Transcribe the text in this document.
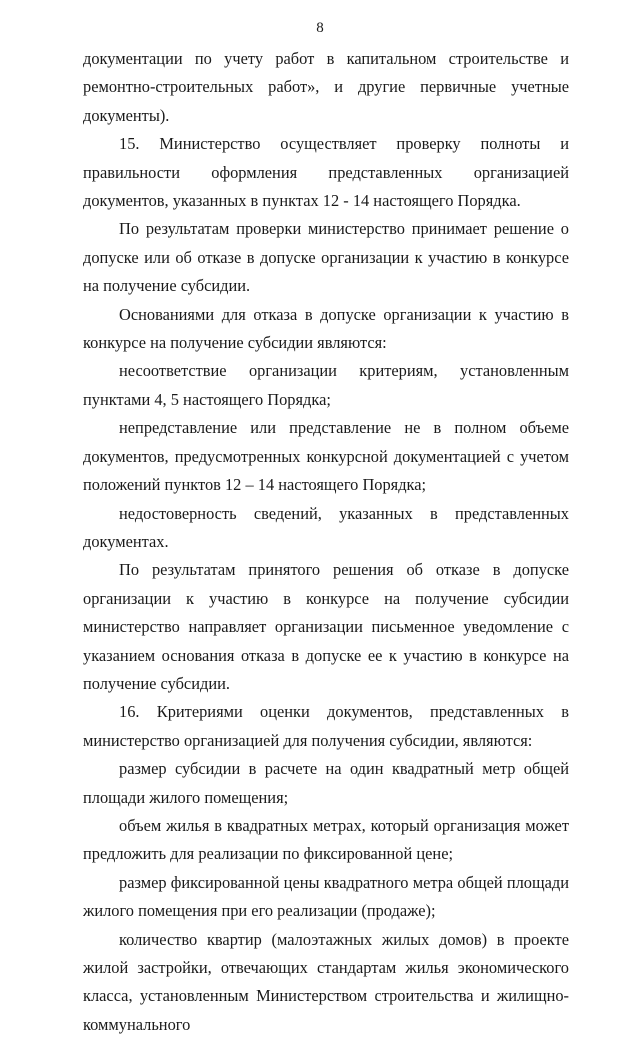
8

документации по учету работ в капитальном строительстве и ремонтно-строительных работ», и другие первичные учетные документы).

15. Министерство осуществляет проверку полноты и правильности оформления представленных организацией документов, указанных в пунктах 12 - 14 настоящего Порядка.

По результатам проверки министерство принимает решение о допуске или об отказе в допуске организации к участию в конкурсе на получение субсидии.

Основаниями для отказа в допуске организации к участию в конкурсе на получение субсидии являются:

несоответствие организации критериям, установленным пунктами 4, 5 настоящего Порядка;

непредставление или представление не в полном объеме документов, предусмотренных конкурсной документацией с учетом положений пунктов 12 – 14 настоящего Порядка;

недостоверность сведений, указанных в представленных документах.

По результатам принятого решения об отказе в допуске организации к участию в конкурсе на получение субсидии министерство направляет организации письменное уведомление с указанием основания отказа в допуске ее к участию в конкурсе на получение субсидии.

16. Критериями оценки документов, представленных в министерство организацией для получения субсидии, являются:

размер субсидии в расчете на один квадратный метр общей площади жилого помещения;

объем жилья в квадратных метрах, который организация может предложить для реализации по фиксированной цене;

размер фиксированной цены квадратного метра общей площади жилого помещения при его реализации (продаже);

количество квартир (малоэтажных жилых домов) в проекте жилой застройки, отвечающих стандартам жилья экономического класса, установленным Министерством строительства и жилищно-коммунального
